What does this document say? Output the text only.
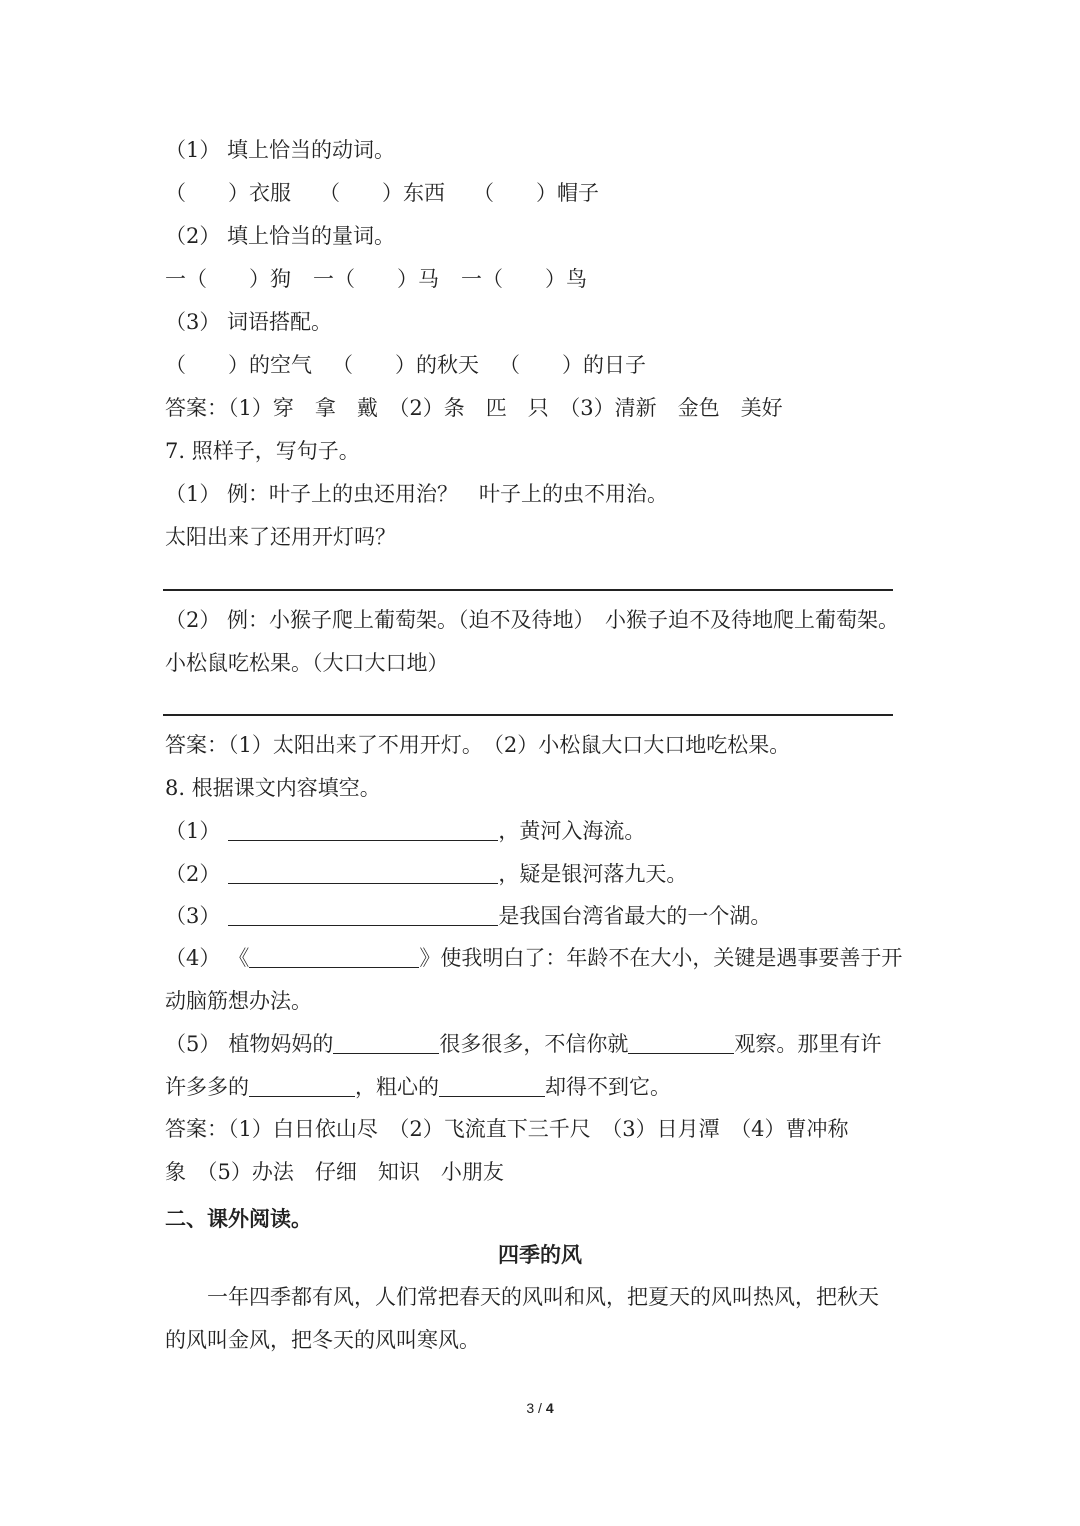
（1） 填上恰当的动词。
（　　）衣服 （　　）东西 （　　）帽子
（2） 填上恰当的量词。
一（　　）狗 一（　　）马 一（　　）鸟
（3） 词语搭配。
（　　）的空气 （　　）的秋天 （　　）的日子
答案：（1）穿　拿　戴　（2）条　匹　只　（3）清新　金色　美好
7. 照样子，写句子。
（1） 例：叶子上的虫还用治？　叶子上的虫不用治。
太阳出来了还用开灯吗？
（2） 例：小猴子爬上葡萄架。（迫不及待地）　小猴子迫不及待地爬上葡萄架。
小松鼠吃松果。（大口大口地）
答案：（1）太阳出来了不用开灯。　（2）小松鼠大口大口地吃松果。
8. 根据课文内容填空。
（1）	，黄河入海流。
（2）	，疑是银河落九天。
（3）	是我国台湾省最大的一个湖。
（4） 《	》使我明白了：年龄不在大小，关键是遇事要善于开
动脑筋想办法。
（5） 植物妈妈的	很多很多，不信你就	观察。那里有许
许多多的	，粗心的	却得不到它。
答案：（1）白日依山尽　（2）飞流直下三千尺　（3）日月潭　（4）曹冲称
象　（5）办法　仔细　知识　小朋友
二、课外阅读。
四季的风
一年四季都有风，人们常把春天的风叫和风，把夏天的风叫热风，把秋天
的风叫金风，把冬天的风叫寒风。
3 / 4
